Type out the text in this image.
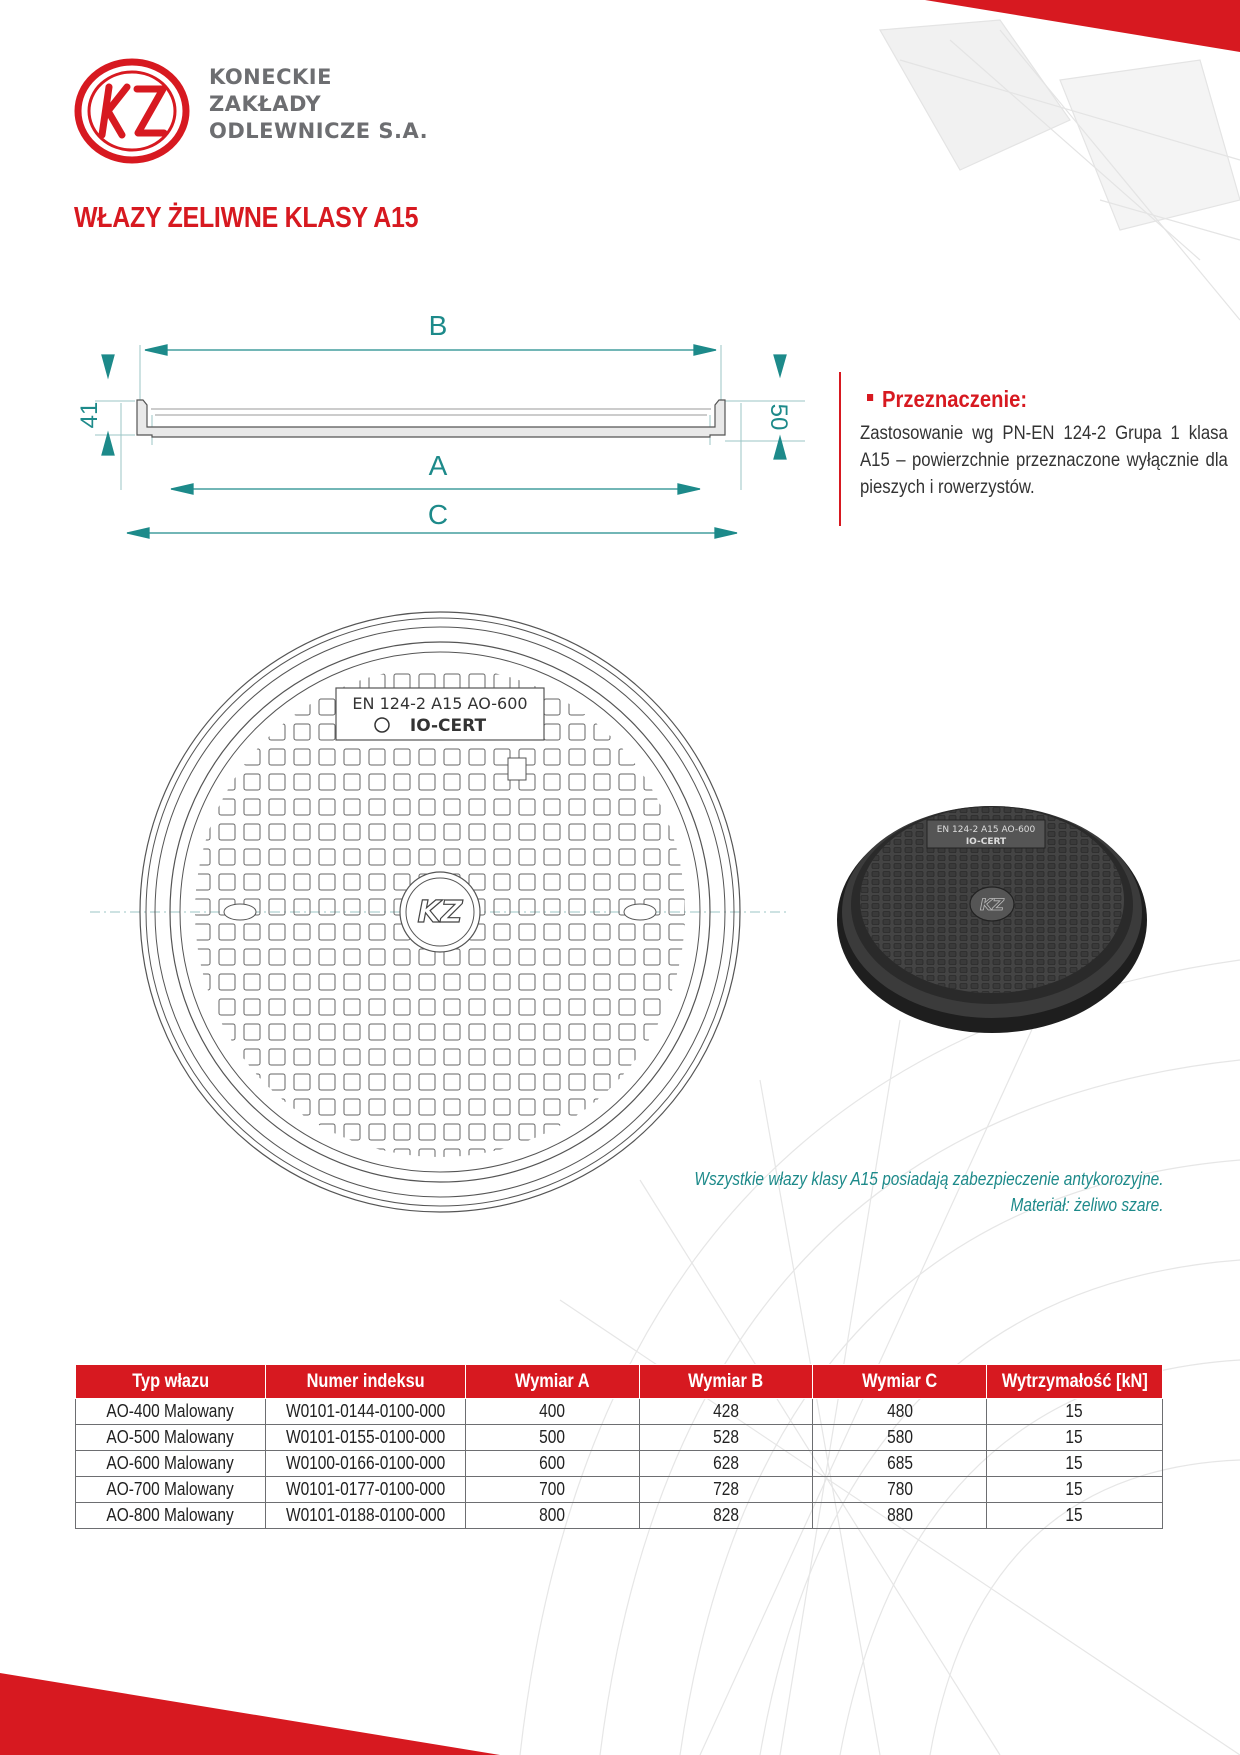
KONECKIE
ZAKŁADY
ODLEWNICZE S.A.
WŁAZY ŻELIWNE KLASY A15
B
A
C
41	50
Przeznaczenie:
Zastosowanie wg PN-EN 124-2 Grupa 1 klasa A15 – powierzchnie przeznaczone wyłącznie dla pieszych i rowerzystów.
EN 124-2 A15 AO-600
IO-CERT
KZ
EN 124-2 A15 AO-600
IO-CERT
KZ
Wszystkie włazy klasy A15 posiadają zabezpieczenie antykorozyjne.
Materiał: żeliwo szare.
Typ włazu	Numer indeksu	Wymiar A	Wymiar B	Wymiar C	Wytrzymałość [kN]
AO-400 Malowany	W0101-0144-0100-000	400	428	480	15
AO-500 Malowany	W0101-0155-0100-000	500	528	580	15
AO-600 Malowany	W0100-0166-0100-000	600	628	685	15
AO-700 Malowany	W0101-0177-0100-000	700	728	780	15
AO-800 Malowany	W0101-0188-0100-000	800	828	880	15
